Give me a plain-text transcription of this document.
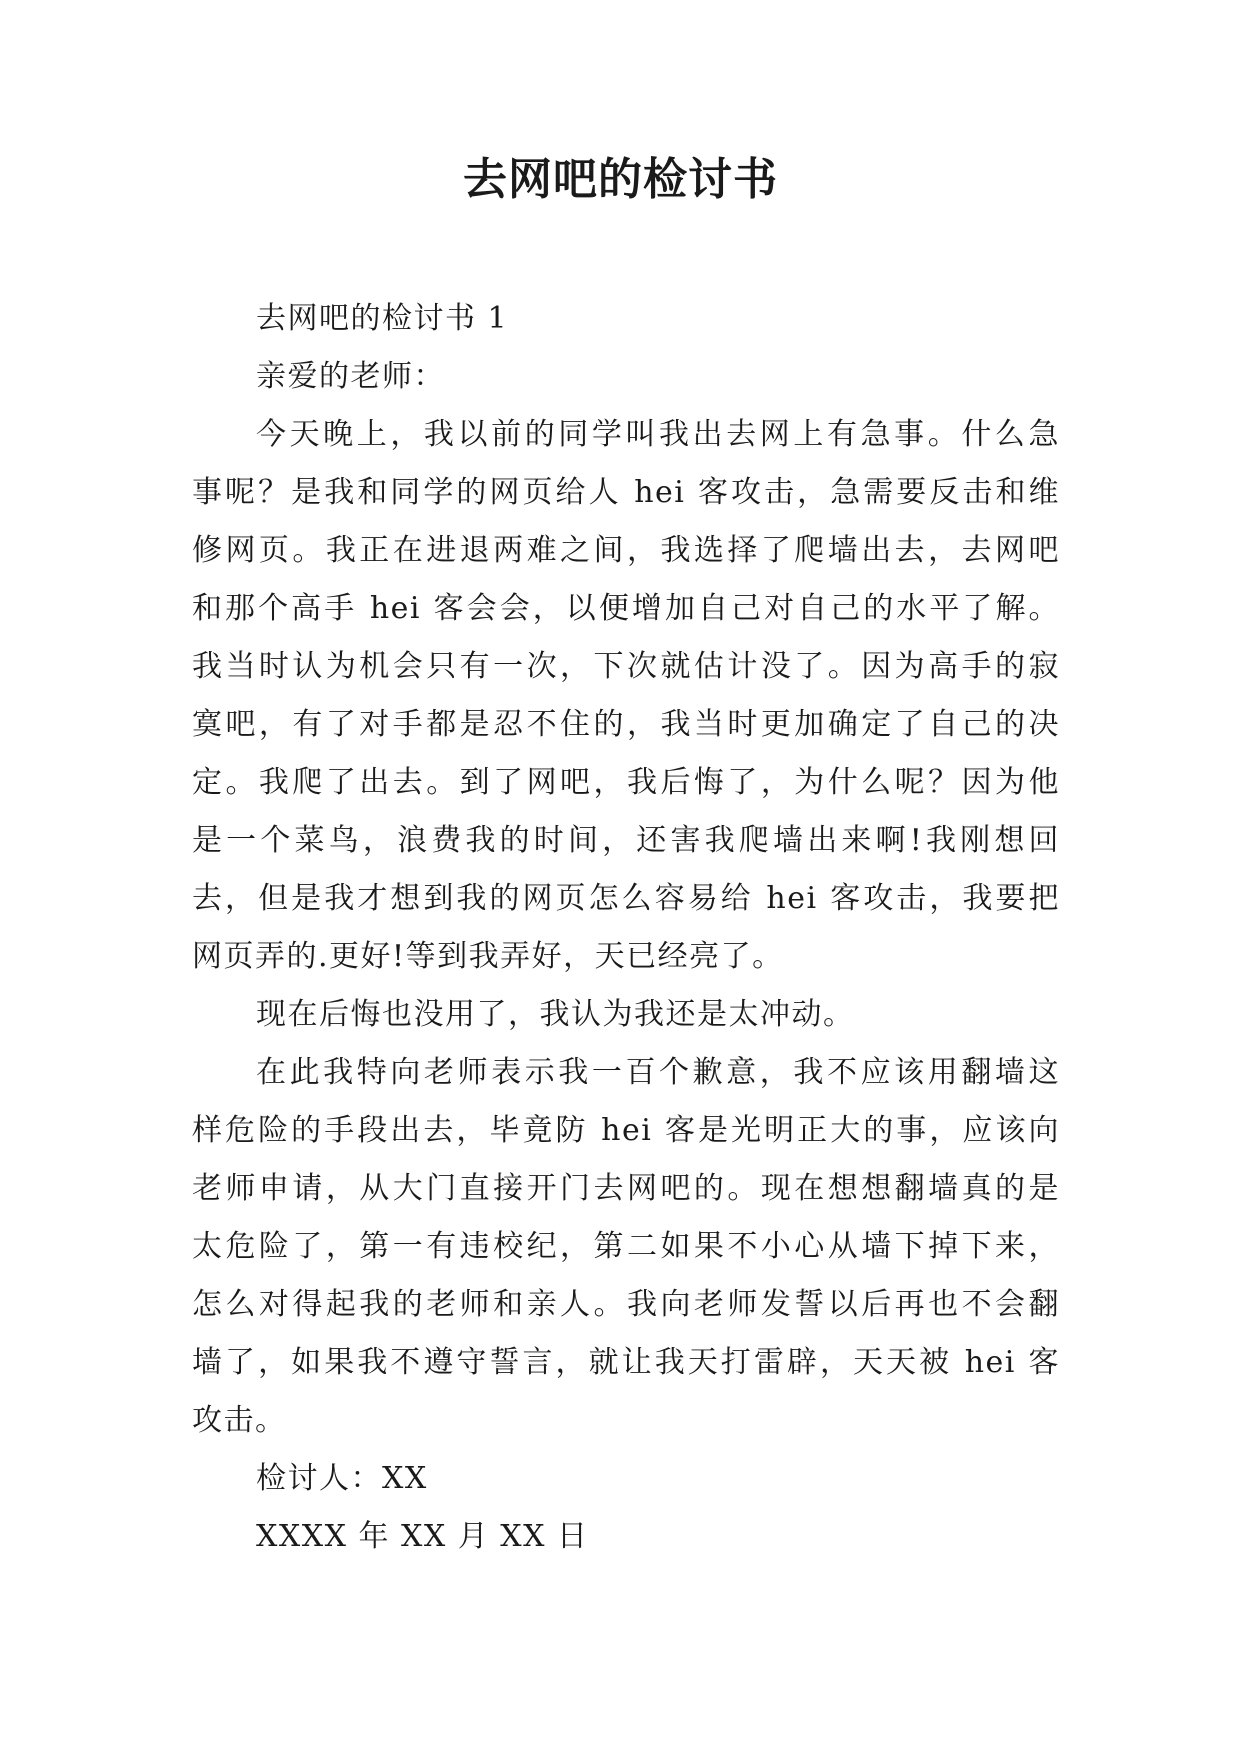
去网吧的检讨书

去网吧的检讨书 1

亲爱的老师：

今天晚上，我以前的同学叫我出去网上有急事。什么急

事呢？是我和同学的网页给人 hei 客攻击，急需要反击和维

修网页。我正在进退两难之间，我选择了爬墙出去，去网吧

和那个高手 hei 客会会，以便增加自己对自己的水平了解。

我当时认为机会只有一次，下次就估计没了。因为高手的寂

寞吧，有了对手都是忍不住的，我当时更加确定了自己的决

定。我爬了出去。到了网吧，我后悔了，为什么呢？因为他

是一个菜鸟，浪费我的时间，还害我爬墙出来啊!我刚想回

去，但是我才想到我的网页怎么容易给 hei 客攻击，我要把

网页弄的.更好!等到我弄好，天已经亮了。

现在后悔也没用了，我认为我还是太冲动。

在此我特向老师表示我一百个歉意，我不应该用翻墙这

样危险的手段出去，毕竟防 hei 客是光明正大的事，应该向

老师申请，从大门直接开门去网吧的。现在想想翻墙真的是

太危险了，第一有违校纪，第二如果不小心从墙下掉下来，

怎么对得起我的老师和亲人。我向老师发誓以后再也不会翻

墙了，如果我不遵守誓言，就让我天打雷辟，天天被 hei 客

攻击。

检讨人：XX

XXXX 年 XX 月 XX 日
